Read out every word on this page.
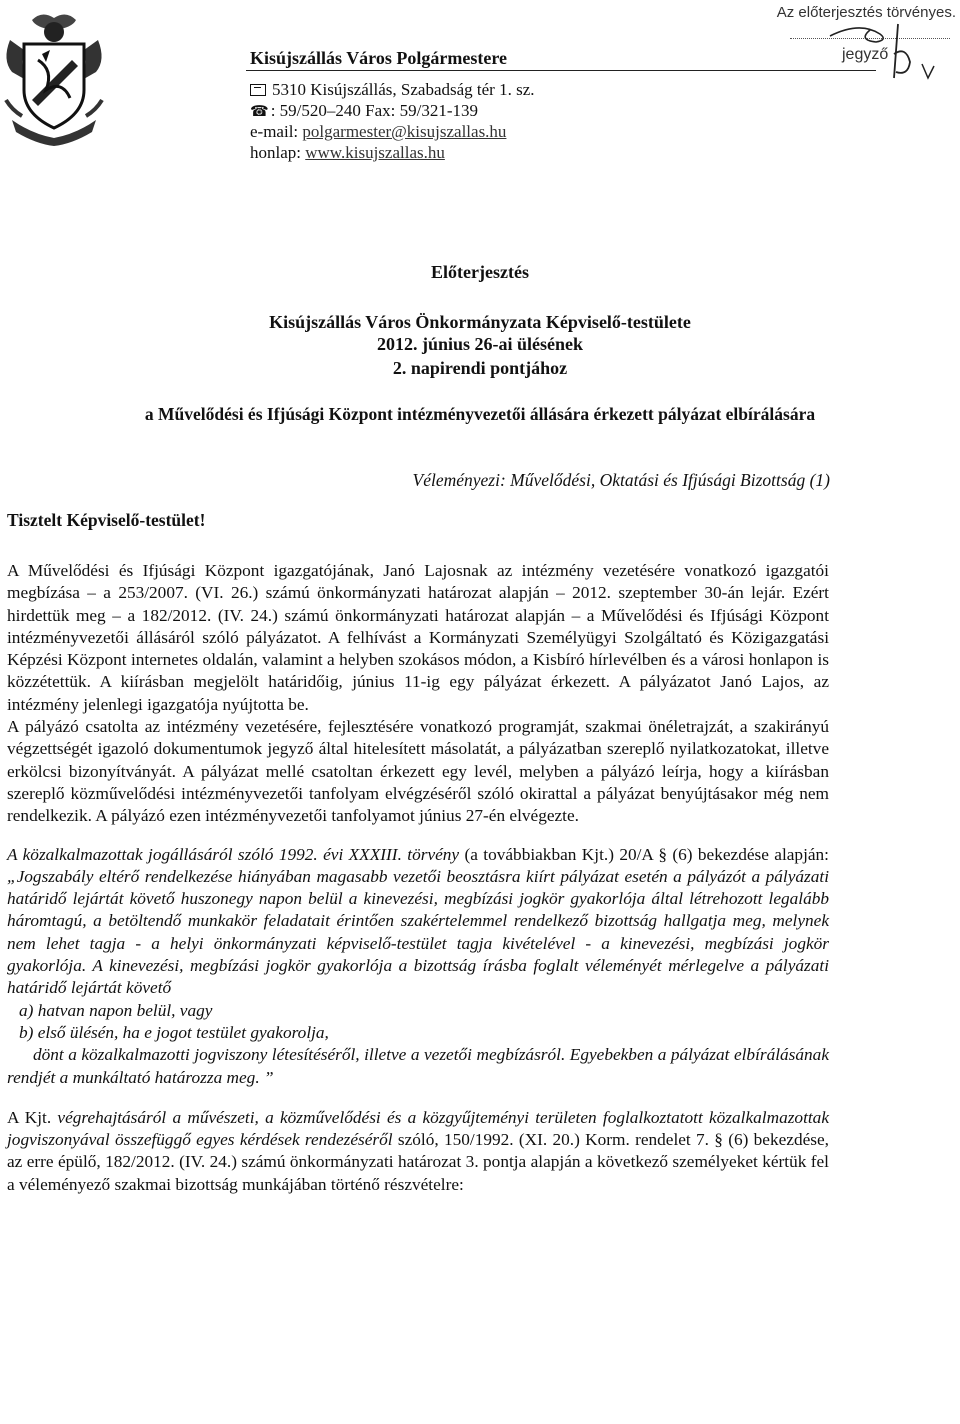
Kisújszállás Város Polgármestere
5310 Kisújszállás, Szabadság tér 1. sz.
☎ : 59/520–240 Fax: 59/321-139
e-mail: polgarmester@kisujszallas.hu
honlap: www.kisujszallas.hu
Az előterjesztés törvényes.
jegyző
Előterjesztés
Kisújszállás Város Önkormányzata Képviselő-testülete
2012. június 26-ai ülésének
2. napirendi pontjához
a Művelődési és Ifjúsági Központ intézményvezetői állására érkezett pályázat elbírálására
Véleményezi: Művelődési, Oktatási és Ifjúsági Bizottság (1)
Tisztelt Képviselő-testület!

A Művelődési és Ifjúsági Központ igazgatójának, Janó Lajosnak az intézmény vezetésére vonatkozó igazgatói megbízása – a 253/2007. (VI. 26.) számú önkormányzati határozat alapján – 2012. szeptember 30-án lejár. Ezért hirdettük meg – a 182/2012. (IV. 24.) számú önkormányzati határozat alapján – a Művelődési és Ifjúsági Központ intézményvezetői állásáról szóló pályázatot. A felhívást a Kormányzati Személyügyi Szolgáltató és Közigazgatási Képzési Központ internetes oldalán, valamint a helyben szokásos módon, a Kisbíró hírlevélben és a városi honlapon is közzétettük. A kiírásban megjelölt határidőig, június 11-ig egy pályázat érkezett. A pályázatot Janó Lajos, az intézmény jelenlegi igazgatója nyújtotta be.

A pályázó csatolta az intézmény vezetésére, fejlesztésére vonatkozó programját, szakmai önéletrajzát, a szakirányú végzettségét igazoló dokumentumok jegyző által hitelesített másolatát, a pályázatban szereplő nyilatkozatokat, illetve erkölcsi bizonyítványát. A pályázat mellé csatoltan érkezett egy levél, melyben a pályázó leírja, hogy a kiírásban szereplő közművelődési intézményvezetői tanfolyam elvégzéséről szóló okirattal a pályázat benyújtásakor még nem rendelkezik. A pályázó ezen intézményvezetői tanfolyamot június 27-én elvégezte.

A közalkalmazottak jogállásáról szóló 1992. évi XXXIII. törvény (a továbbiakban Kjt.) 20/A § (6) bekezdése alapján: „Jogszabály eltérő rendelkezése hiányában magasabb vezetői beosztásra kiírt pályázat esetén a pályázót a pályázati határidő lejártát követő huszonegy napon belül a kinevezési, megbízási jogkör gyakorlója által létrehozott legalább háromtagú, a betöltendő munkakör feladatait érintően szakértelemmel rendelkező bizottság hallgatja meg, melynek nem lehet tagja - a helyi önkormányzati képviselő-testület tagja kivételével - a kinevezési, megbízási jogkör gyakorlója. A kinevezési, megbízási jogkör gyakorlója a bizottság írásba foglalt véleményét mérlegelve a pályázati határidő lejártát követő

a) hatvan napon belül, vagy

b) első ülésén, ha e jogot testület gyakorolja,

dönt a közalkalmazotti jogviszony létesítéséről, illetve a vezetői megbízásról. Egyebekben a pályázat elbírálásának rendjét a munkáltató határozza meg. ”

A Kjt. végrehajtásáról a művészeti, a közművelődési és a közgyűjteményi területen foglalkoztatott közalkalmazottak jogviszonyával összefüggő egyes kérdések rendezéséről szóló, 150/1992. (XI. 20.) Korm. rendelet 7. § (6) bekezdése, az erre épülő, 182/2012. (IV. 24.) számú önkormányzati határozat 3. pontja alapján a következő személyeket kértük fel a véleményező szakmai bizottság munkájában történő részvételre:
